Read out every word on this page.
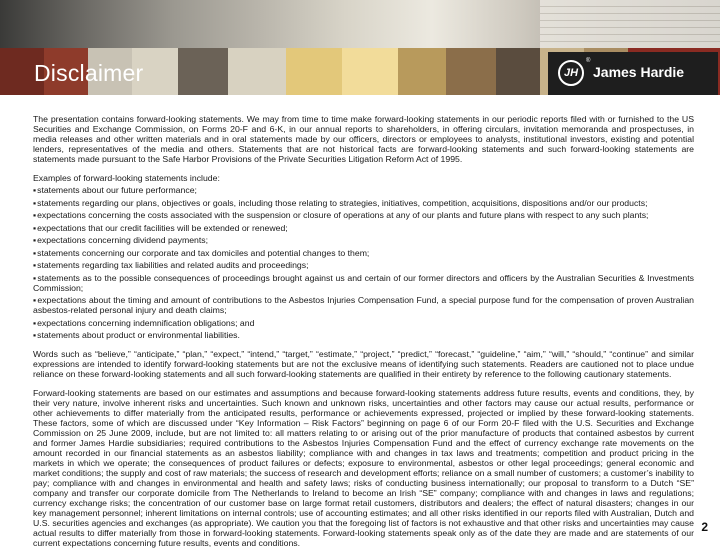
Disclaimer	JH
®
James Hardie

The presentation contains forward-looking statements. We may from time to time make forward-looking statements in our periodic reports filed with or furnished to the US Securities and Exchange Commission, on Forms 20-F and 6-K, in our annual reports to shareholders, in offering circulars, invitation memoranda and prospectuses, in media releases and other written materials and in oral statements made by our officers, directors or employees to analysts, institutional investors, existing and potential lenders, representatives of the media and others. Statements that are not historical facts are forward-looking statements and such forward-looking statements are statements made pursuant to the Safe Harbor Provisions of the Private Securities Litigation Reform Act of 1995.

Examples of forward-looking statements include:

▪ statements about our future performance;
▪ statements regarding our plans, objectives or goals, including those relating to strategies, initiatives, competition, acquisitions, dispositions and/or our products;
▪ expectations concerning the costs associated with the suspension or closure of operations at any of our plants and future plans with respect to any such plants;
▪ expectations that our credit facilities will be extended or renewed;
▪ expectations concerning dividend payments;
▪ statements concerning our corporate and tax domiciles and potential changes to them;
▪ statements regarding tax liabilities and related audits and proceedings;
▪ statements as to the possible consequences of proceedings brought against us and certain of our former directors and officers by the Australian Securities & Investments Commission;
▪ expectations about the timing and amount of contributions to the Asbestos Injuries Compensation Fund, a special purpose fund for the compensation of proven Australian asbestos-related personal injury and death claims;
▪ expectations concerning indemnification obligations; and
▪ statements about product or environmental liabilities.

Words such as “believe,” “anticipate,” “plan,” “expect,” “intend,” “target,” “estimate,” “project,” “predict,” “forecast,” “guideline,” “aim,” “will,” “should,” “continue” and similar expressions are intended to identify forward-looking statements but are not the exclusive means of identifying such statements. Readers are cautioned not to place undue reliance on these forward-looking statements and all such forward-looking statements are qualified in their entirety by reference to the following cautionary statements.

Forward-looking statements are based on our estimates and assumptions and because forward-looking statements address future results, events and conditions, they, by their very nature, involve inherent risks and uncertainties. Such known and unknown risks, uncertainties and other factors may cause our actual results, performance or other achievements to differ materially from the anticipated results, performance or achievements expressed, projected or implied by these forward-looking statements. These factors, some of which are discussed under “Key Information – Risk Factors” beginning on page 6 of our Form 20-F filed with the U.S. Securities and Exchange Commission on 25 June 2009, include, but are not limited to: all matters relating to or arising out of the prior manufacture of products that contained asbestos by current and former James Hardie subsidiaries; required contributions to the Asbestos Injuries Compensation Fund and the effect of currency exchange rate movements on the amount recorded in our financial statements as an asbestos liability; compliance with and changes in tax laws and treatments; competition and product pricing in the markets in which we operate; the consequences of product failures or defects; exposure to environmental, asbestos or other legal proceedings; general economic and market conditions; the supply and cost of raw materials; the success of research and development efforts; reliance on a small number of customers; a customer’s inability to pay; compliance with and changes in environmental and health and safety laws; risks of conducting business internationally; our proposal to transform to a Dutch “SE” company and transfer our corporate domicile from The Netherlands to Ireland to become an Irish “SE” company; compliance with and changes in laws and regulations; currency exchange risks; the concentration of our customer base on large format retail customers, distributors and dealers; the effect of natural disasters; changes in our key management personnel; inherent limitations on internal controls; use of accounting estimates; and all other risks identified in our reports filed with Australian, Dutch and U.S. securities agencies and exchanges (as appropriate). We caution you that the foregoing list of factors is not exhaustive and that other risks and uncertainties may cause actual results to differ materially from those in forward-looking statements. Forward-looking statements speak only as of the date they are made and are statements of our current expectations concerning future results, events and conditions.

2
